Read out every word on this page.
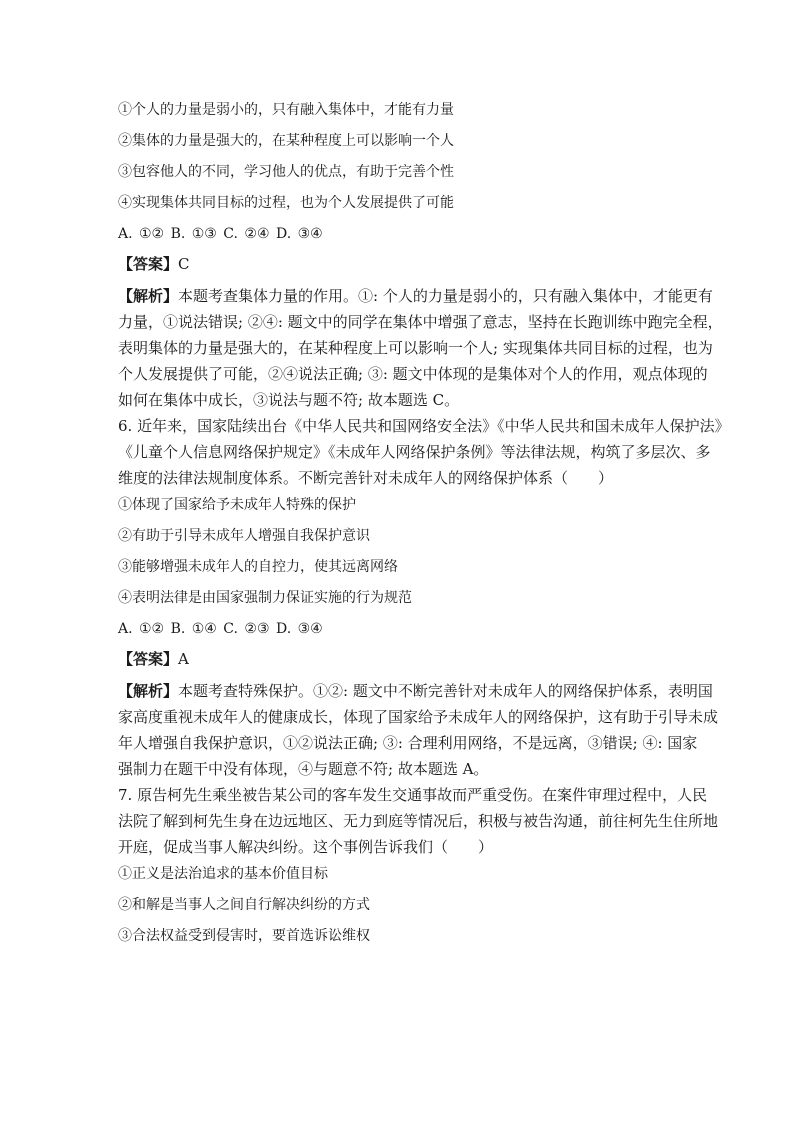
①个人的力量是弱小的，只有融入集体中，才能有力量

②集体的力量是强大的，在某种程度上可以影响一个人

③包容他人的不同，学习他人的优点，有助于完善个性

④实现集体共同目标的过程，也为个人发展提供了可能

A. ①② B. ①③ C. ②④ D. ③④

【答案】C

【解析】本题考查集体力量的作用。①: 个人的力量是弱小的，只有融入集体中，才能更有
力量，①说法错误; ②④: 题文中的同学在集体中增强了意志，坚持在长跑训练中跑完全程，
表明集体的力量是强大的，在某种程度上可以影响一个人; 实现集体共同目标的过程，也为
个人发展提供了可能，②④说法正确; ③: 题文中体现的是集体对个人的作用，观点体现的
如何在集体中成长，③说法与题不符; 故本题选 C。
6. 近年来，国家陆续出台《中华人民共和国网络安全法》《中华人民共和国未成年人保护法》
《儿童个人信息网络保护规定》《未成年人网络保护条例》等法律法规，构筑了多层次、多
维度的法律法规制度体系。不断完善针对未成年人的网络保护体系（　　）

①体现了国家给予未成年人特殊的保护

②有助于引导未成年人增强自我保护意识

③能够增强未成年人的自控力，使其远离网络

④表明法律是由国家强制力保证实施的行为规范

A. ①② B. ①④ C. ②③ D. ③④

【答案】A

【解析】本题考查特殊保护。①②: 题文中不断完善针对未成年人的网络保护体系，表明国
家高度重视未成年人的健康成长，体现了国家给予未成年人的网络保护，这有助于引导未成
年人增强自我保护意识，①②说法正确; ③: 合理利用网络，不是远离，③错误; ④: 国家
强制力在题干中没有体现，④与题意不符; 故本题选 A。
7. 原告柯先生乘坐被告某公司的客车发生交通事故而严重受伤。在案件审理过程中，人民
法院了解到柯先生身在边远地区、无力到庭等情况后，积极与被告沟通，前往柯先生住所地
开庭，促成当事人解决纠纷。这个事例告诉我们（　　）

①正义是法治追求的基本价值目标

②和解是当事人之间自行解决纠纷的方式

③合法权益受到侵害时，要首选诉讼维权
